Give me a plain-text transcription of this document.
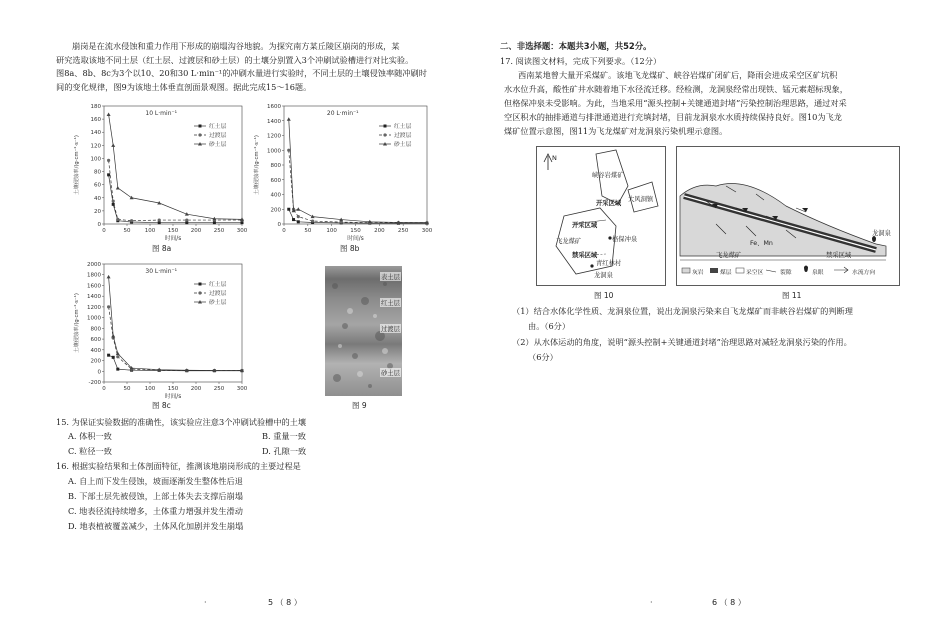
崩岗是在流水侵蚀和重力作用下形成的崩塌沟谷地貌。为探究南方某丘陵区崩岗的形成，某

研究选取该地不同土层（红土层、过渡层和砂土层）的土壤分别置入3个冲刷试验槽进行对比实验。

图8a、8b、8c为3个以10、20和30 L·min⁻¹的冲刷水量进行实验时，不同土层的土壤侵蚀率随冲刷时

间的变化规律，图9为该地土体垂直剖面景观图。据此完成15～16题。

0
20
40
60
80
100
120
140
160
180
0	50	100 150 200 250 300
时间/s
土壤侵蚀率/(g·cm⁻²·s⁻¹)
10 L·min⁻¹
红土层
过渡层
砂土层
图 8a
0
200
400
600
800
1000
1200
1400
1600
0	50	100 150 200 250 300
时间/s
土壤侵蚀率/(g·cm⁻²·s⁻¹)
20 L·min⁻¹
红土层
过渡层
砂土层
图 8b
-200
0
200
400
600
800
1000
1200
1400
1600
1800
2000
0	50	100 150 200 250 300
时间/s
土壤侵蚀率/(g·cm⁻²·s⁻¹)
30 L·min⁻¹
红土层
过渡层
砂土层
图 8c
表土层
红土层
过渡层
砂土层
图 9
15. 为保证实验数据的准确性，该实验应注意3个冲刷试验槽中的土壤
A. 体积一致	B. 重量一致
C. 粒径一致	D. 孔隙一致
16. 根据实验结果和土体剖面特征，推测该地崩岗形成的主要过程是
A. 自上而下发生侵蚀，坡面逐渐发生整体性后退
B. 下部土层先被侵蚀，上部土体失去支撑后崩塌
C. 地表径流持续增多，土体重力增强并发生滑动
D. 地表植被覆盖减少，土体风化加剧并发生崩塌
·	5 （ 8 ）
二、非选择题：本题共3小题，共52分。
17. 阅读图文材料，完成下列要求。（12分）
西南某地曾大量开采煤矿。该地飞龙煤矿、峡谷岩煤矿闭矿后，降雨会进成采空区矿坑积
水水位升高，酸性矿井水随着地下水径流迁移。经检测，龙洞泉经常出现铁、锰元素超标现象，
但格保冲泉未受影响。为此，当地采用“源头控制+关键通道封堵”污染控制治理思路，通过对采
空区积水的抽排通道与排泄通道进行充填封堵，目前龙洞泉水水质持续保持良好。图10为飞龙
煤矿位置示意图，图11为飞龙煤矿对龙洞泉污染机理示意图。
N
峡谷岩煤矿
开采区域
大风洞镇
开采区域
飞龙煤矿	格保冲泉
禁采区域
青红林村
龙洞泉
图 10
龙洞泉
Fe、Mn
飞龙煤矿	禁采区域
灰岩	煤层 采空区	裂隙	泉眼	水流方向
图 11
（1）结合水体化学性质、龙洞泉位置，说出龙洞泉污染来自飞龙煤矿而非峡谷岩煤矿的判断理
由。（6分）
（2）从水体运动的角度，说明“源头控制+关键通道封堵”治理思路对减轻龙洞泉污染的作用。
（6分）
·	6 （ 8 ）
